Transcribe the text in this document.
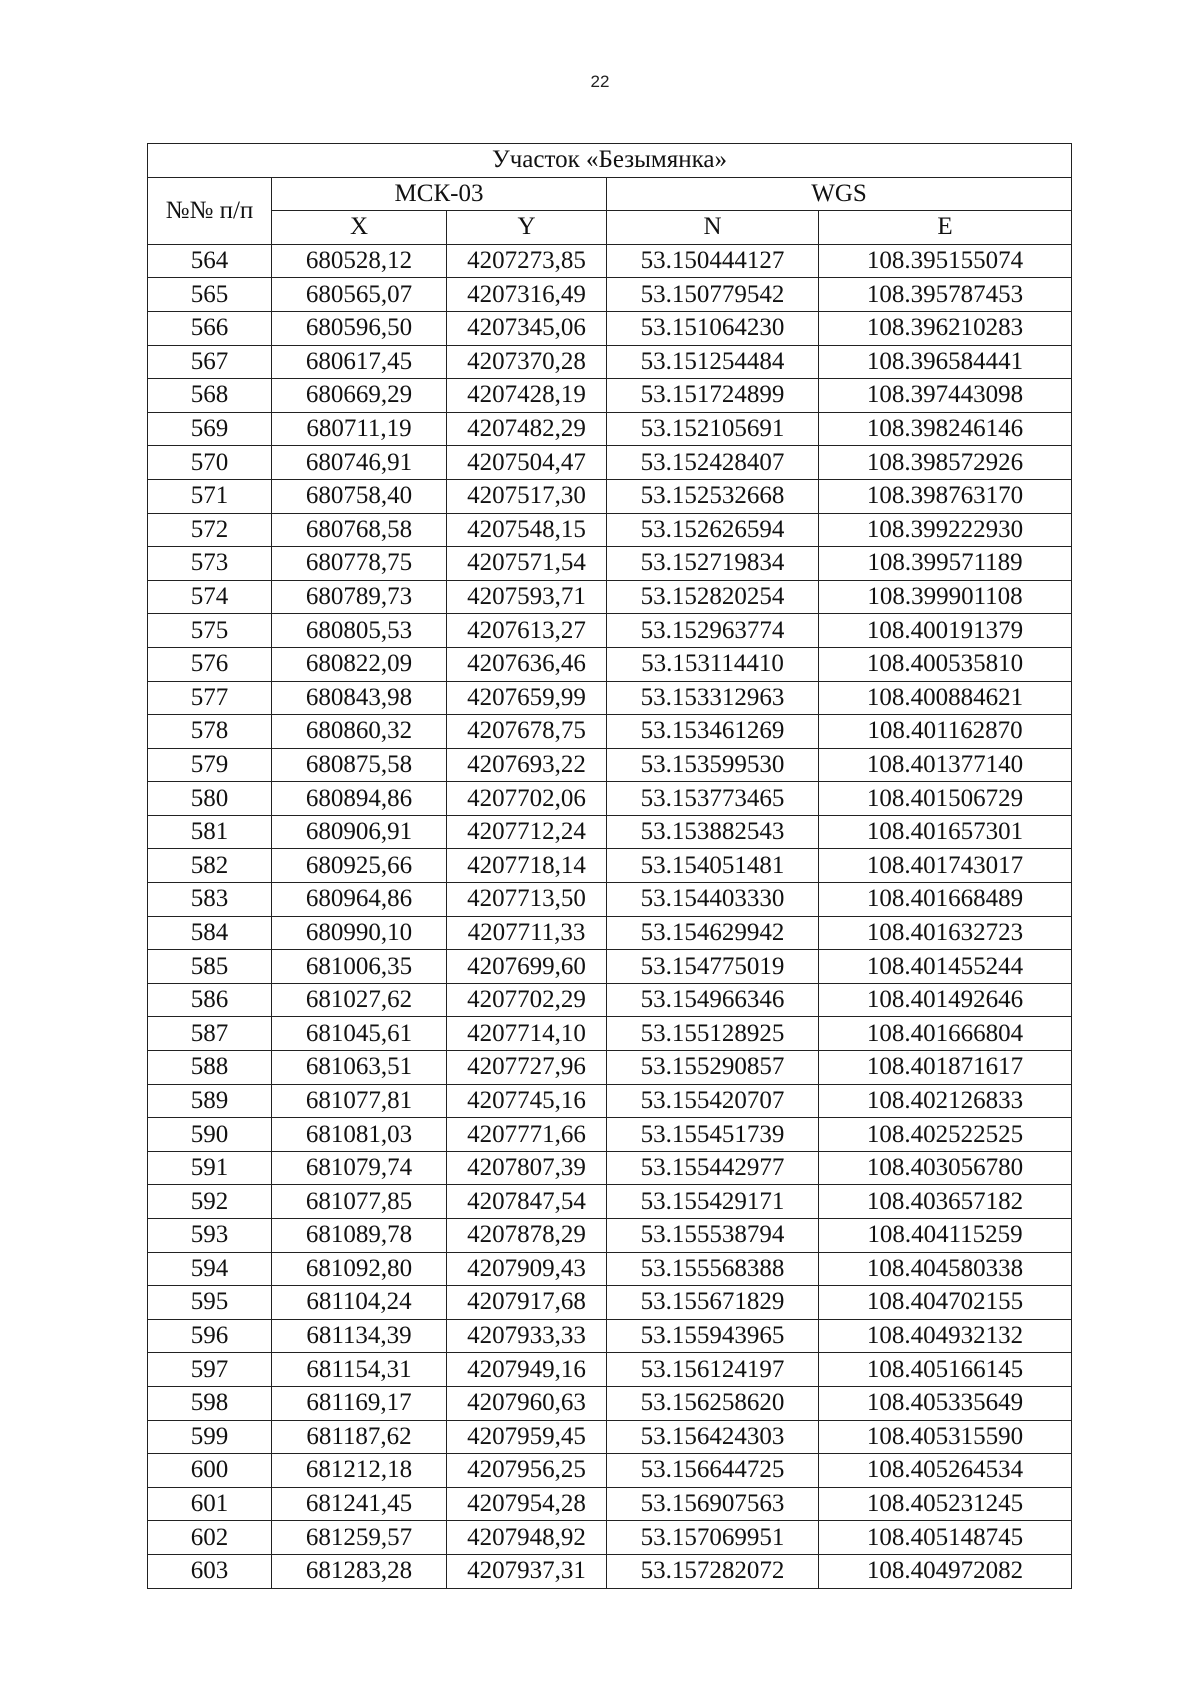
22
Участок «Безымянка»				
№№ п/п	МСК-03		WGS	
	X	Y	N	E
564	680528,12	4207273,85	53.150444127	108.395155074
565	680565,07	4207316,49	53.150779542	108.395787453
566	680596,50	4207345,06	53.151064230	108.396210283
567	680617,45	4207370,28	53.151254484	108.396584441
568	680669,29	4207428,19	53.151724899	108.397443098
569	680711,19	4207482,29	53.152105691	108.398246146
570	680746,91	4207504,47	53.152428407	108.398572926
571	680758,40	4207517,30	53.152532668	108.398763170
572	680768,58	4207548,15	53.152626594	108.399222930
573	680778,75	4207571,54	53.152719834	108.399571189
574	680789,73	4207593,71	53.152820254	108.399901108
575	680805,53	4207613,27	53.152963774	108.400191379
576	680822,09	4207636,46	53.153114410	108.400535810
577	680843,98	4207659,99	53.153312963	108.400884621
578	680860,32	4207678,75	53.153461269	108.401162870
579	680875,58	4207693,22	53.153599530	108.401377140
580	680894,86	4207702,06	53.153773465	108.401506729
581	680906,91	4207712,24	53.153882543	108.401657301
582	680925,66	4207718,14	53.154051481	108.401743017
583	680964,86	4207713,50	53.154403330	108.401668489
584	680990,10	4207711,33	53.154629942	108.401632723
585	681006,35	4207699,60	53.154775019	108.401455244
586	681027,62	4207702,29	53.154966346	108.401492646
587	681045,61	4207714,10	53.155128925	108.401666804
588	681063,51	4207727,96	53.155290857	108.401871617
589	681077,81	4207745,16	53.155420707	108.402126833
590	681081,03	4207771,66	53.155451739	108.402522525
591	681079,74	4207807,39	53.155442977	108.403056780
592	681077,85	4207847,54	53.155429171	108.403657182
593	681089,78	4207878,29	53.155538794	108.404115259
594	681092,80	4207909,43	53.155568388	108.404580338
595	681104,24	4207917,68	53.155671829	108.404702155
596	681134,39	4207933,33	53.155943965	108.404932132
597	681154,31	4207949,16	53.156124197	108.405166145
598	681169,17	4207960,63	53.156258620	108.405335649
599	681187,62	4207959,45	53.156424303	108.405315590
600	681212,18	4207956,25	53.156644725	108.405264534
601	681241,45	4207954,28	53.156907563	108.405231245
602	681259,57	4207948,92	53.157069951	108.405148745
603	681283,28	4207937,31	53.157282072	108.404972082
